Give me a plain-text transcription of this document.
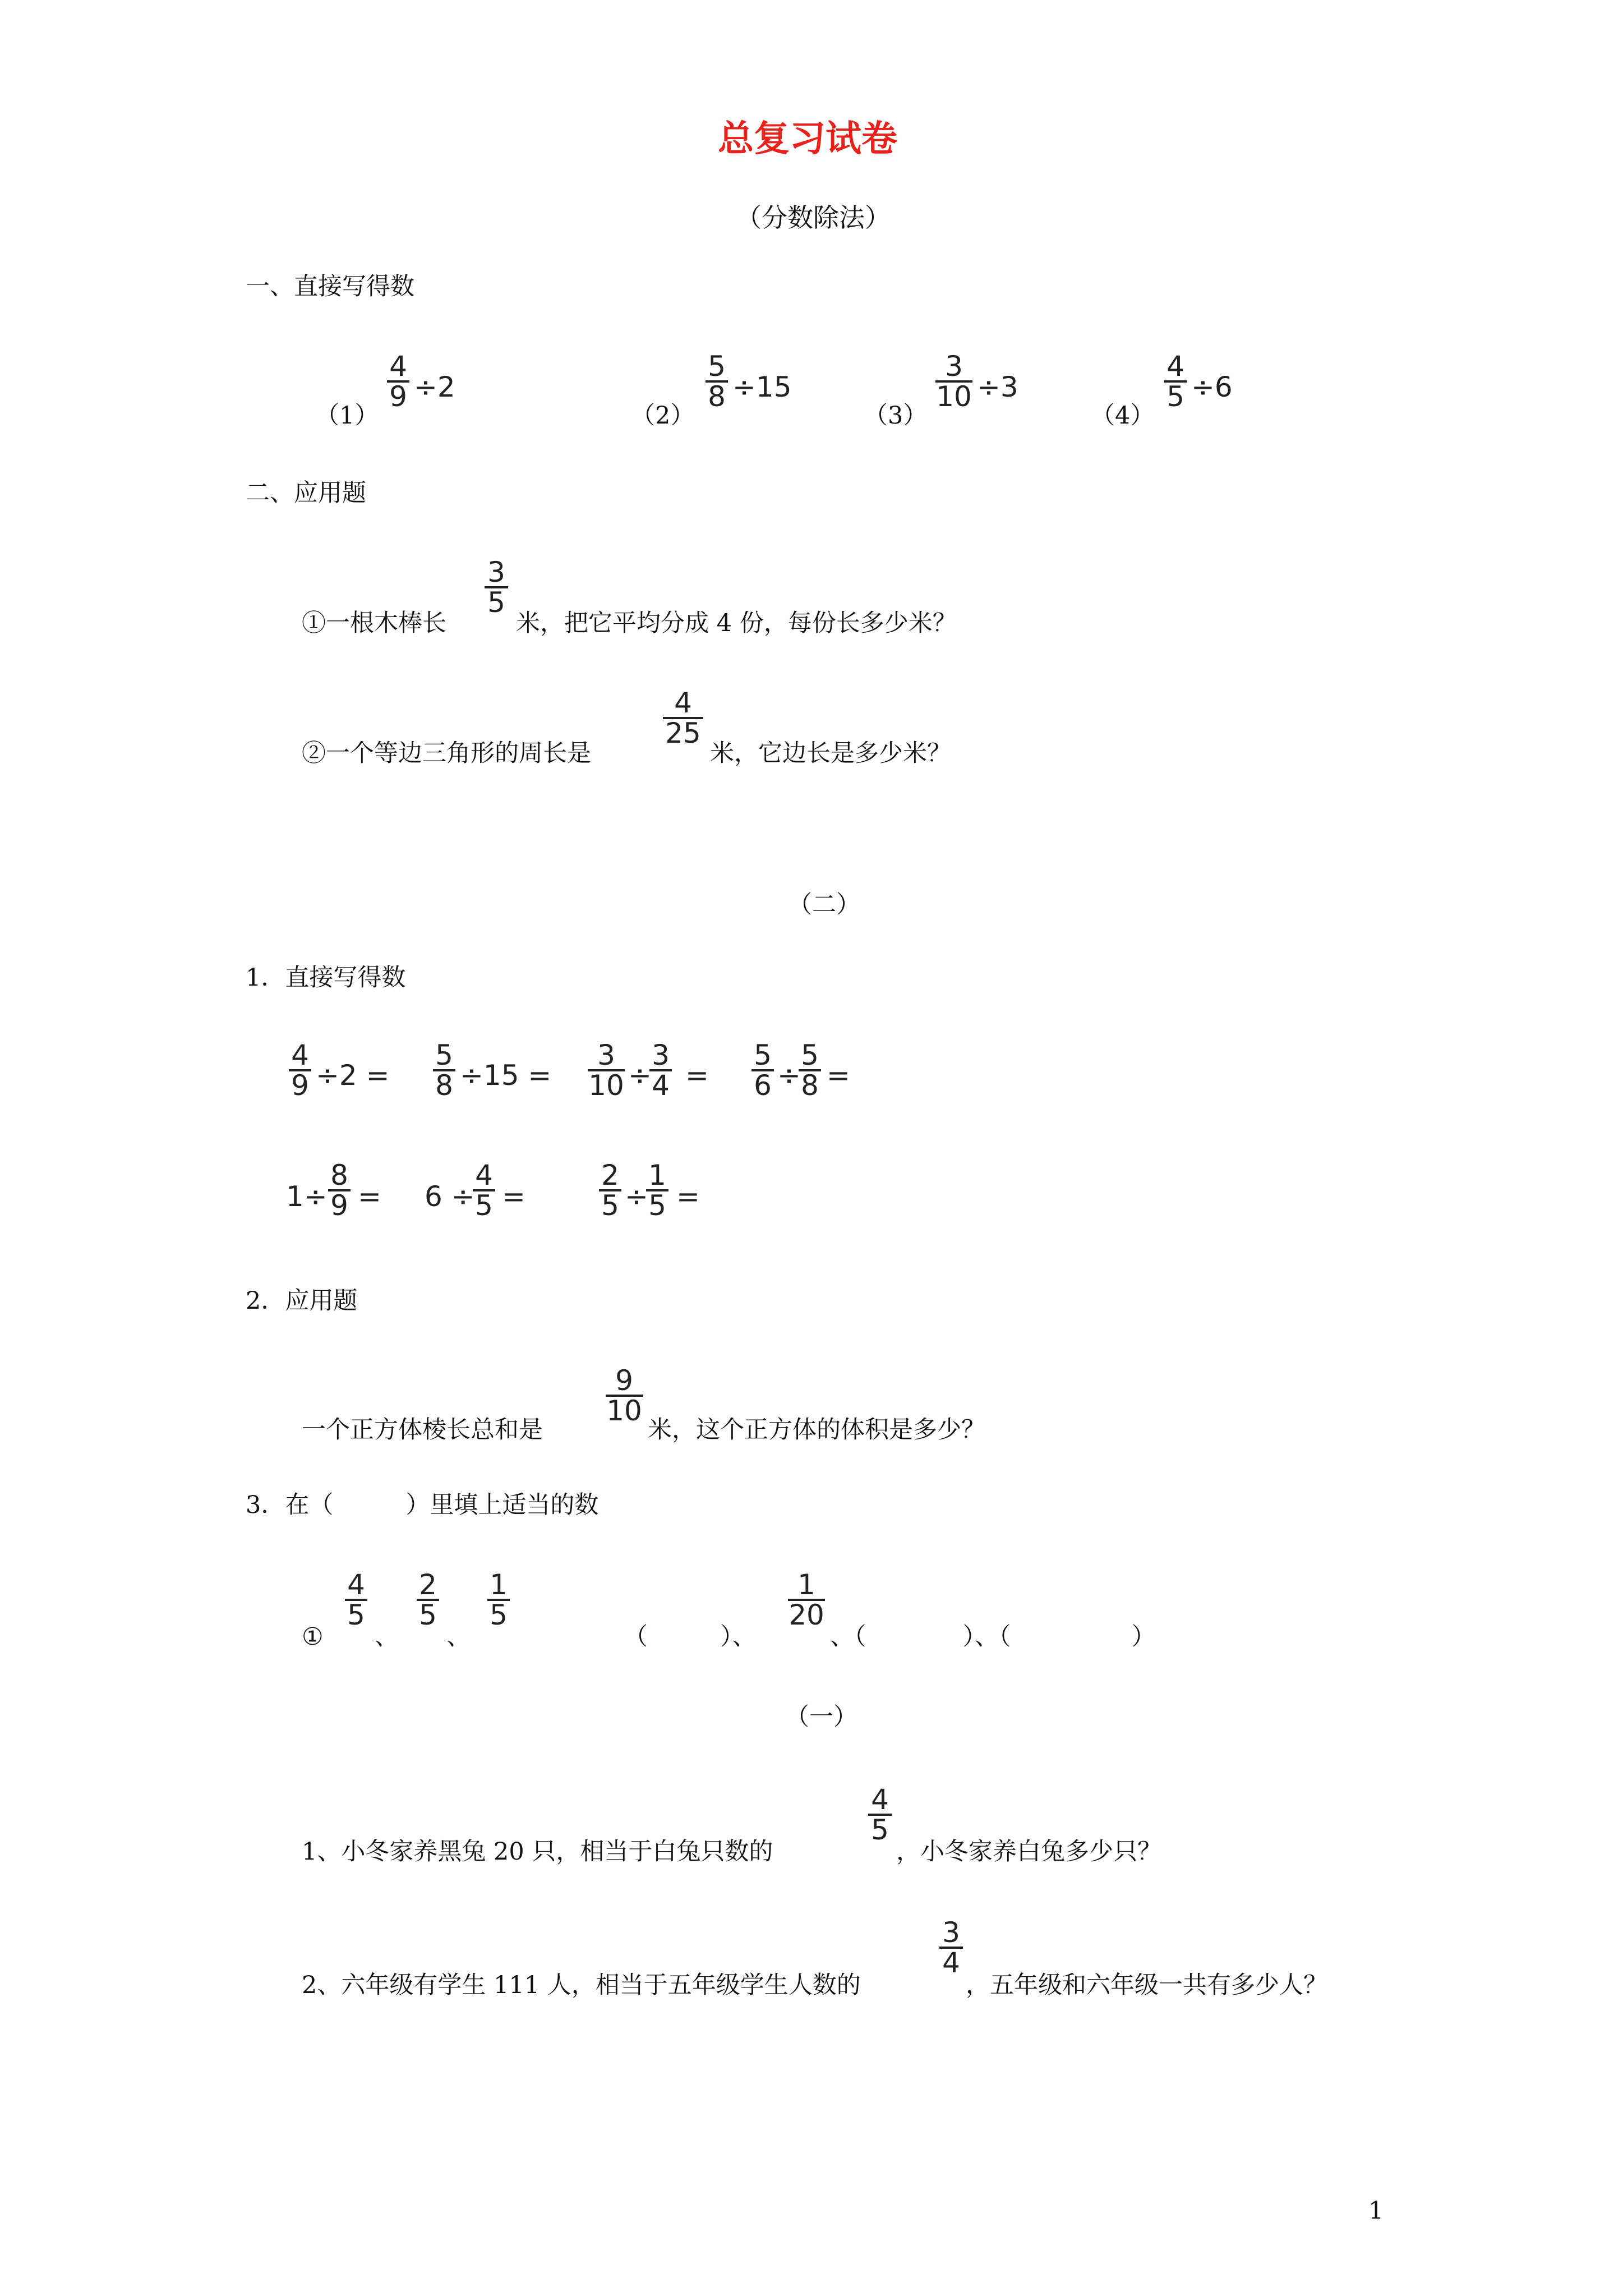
总复习试卷
（分数除法）
一、直接写得数
（1）
4
9 ÷2
（2）
5
8 ÷15
（3）
3
10 ÷3
（4）
4
5 ÷6
二、应用题
①一根木棒长
3
5
米，把它平均分成 4 份，每份长多少米？
②一个等边三角形的周长是
4
25
米，它边长是多少米？
（二）
1．直接写得数
4
9 ÷2 =
5
8 ÷15 =
3
10 ÷
3
4 =
5
6 ÷
5
8 =
1÷
8
9 = 6 ÷
4
5 =
2
5 ÷
1
5 =
2．应用题
一个正方体棱长总和是
9
10
米，这个正方体的体积是多少？
3．在（　　　）里填上适当的数
①
4
5
、
2
5
、
1
5
（　　　）、
1
20
、（　　　　）、（　　　　　）
（一）
1、小冬家养黑兔 20 只，相当于白兔只数的
4
5
，小冬家养白兔多少只？
2、六年级有学生 111 人，相当于五年级学生人数的
3
4
，五年级和六年级一共有多少人？
1
